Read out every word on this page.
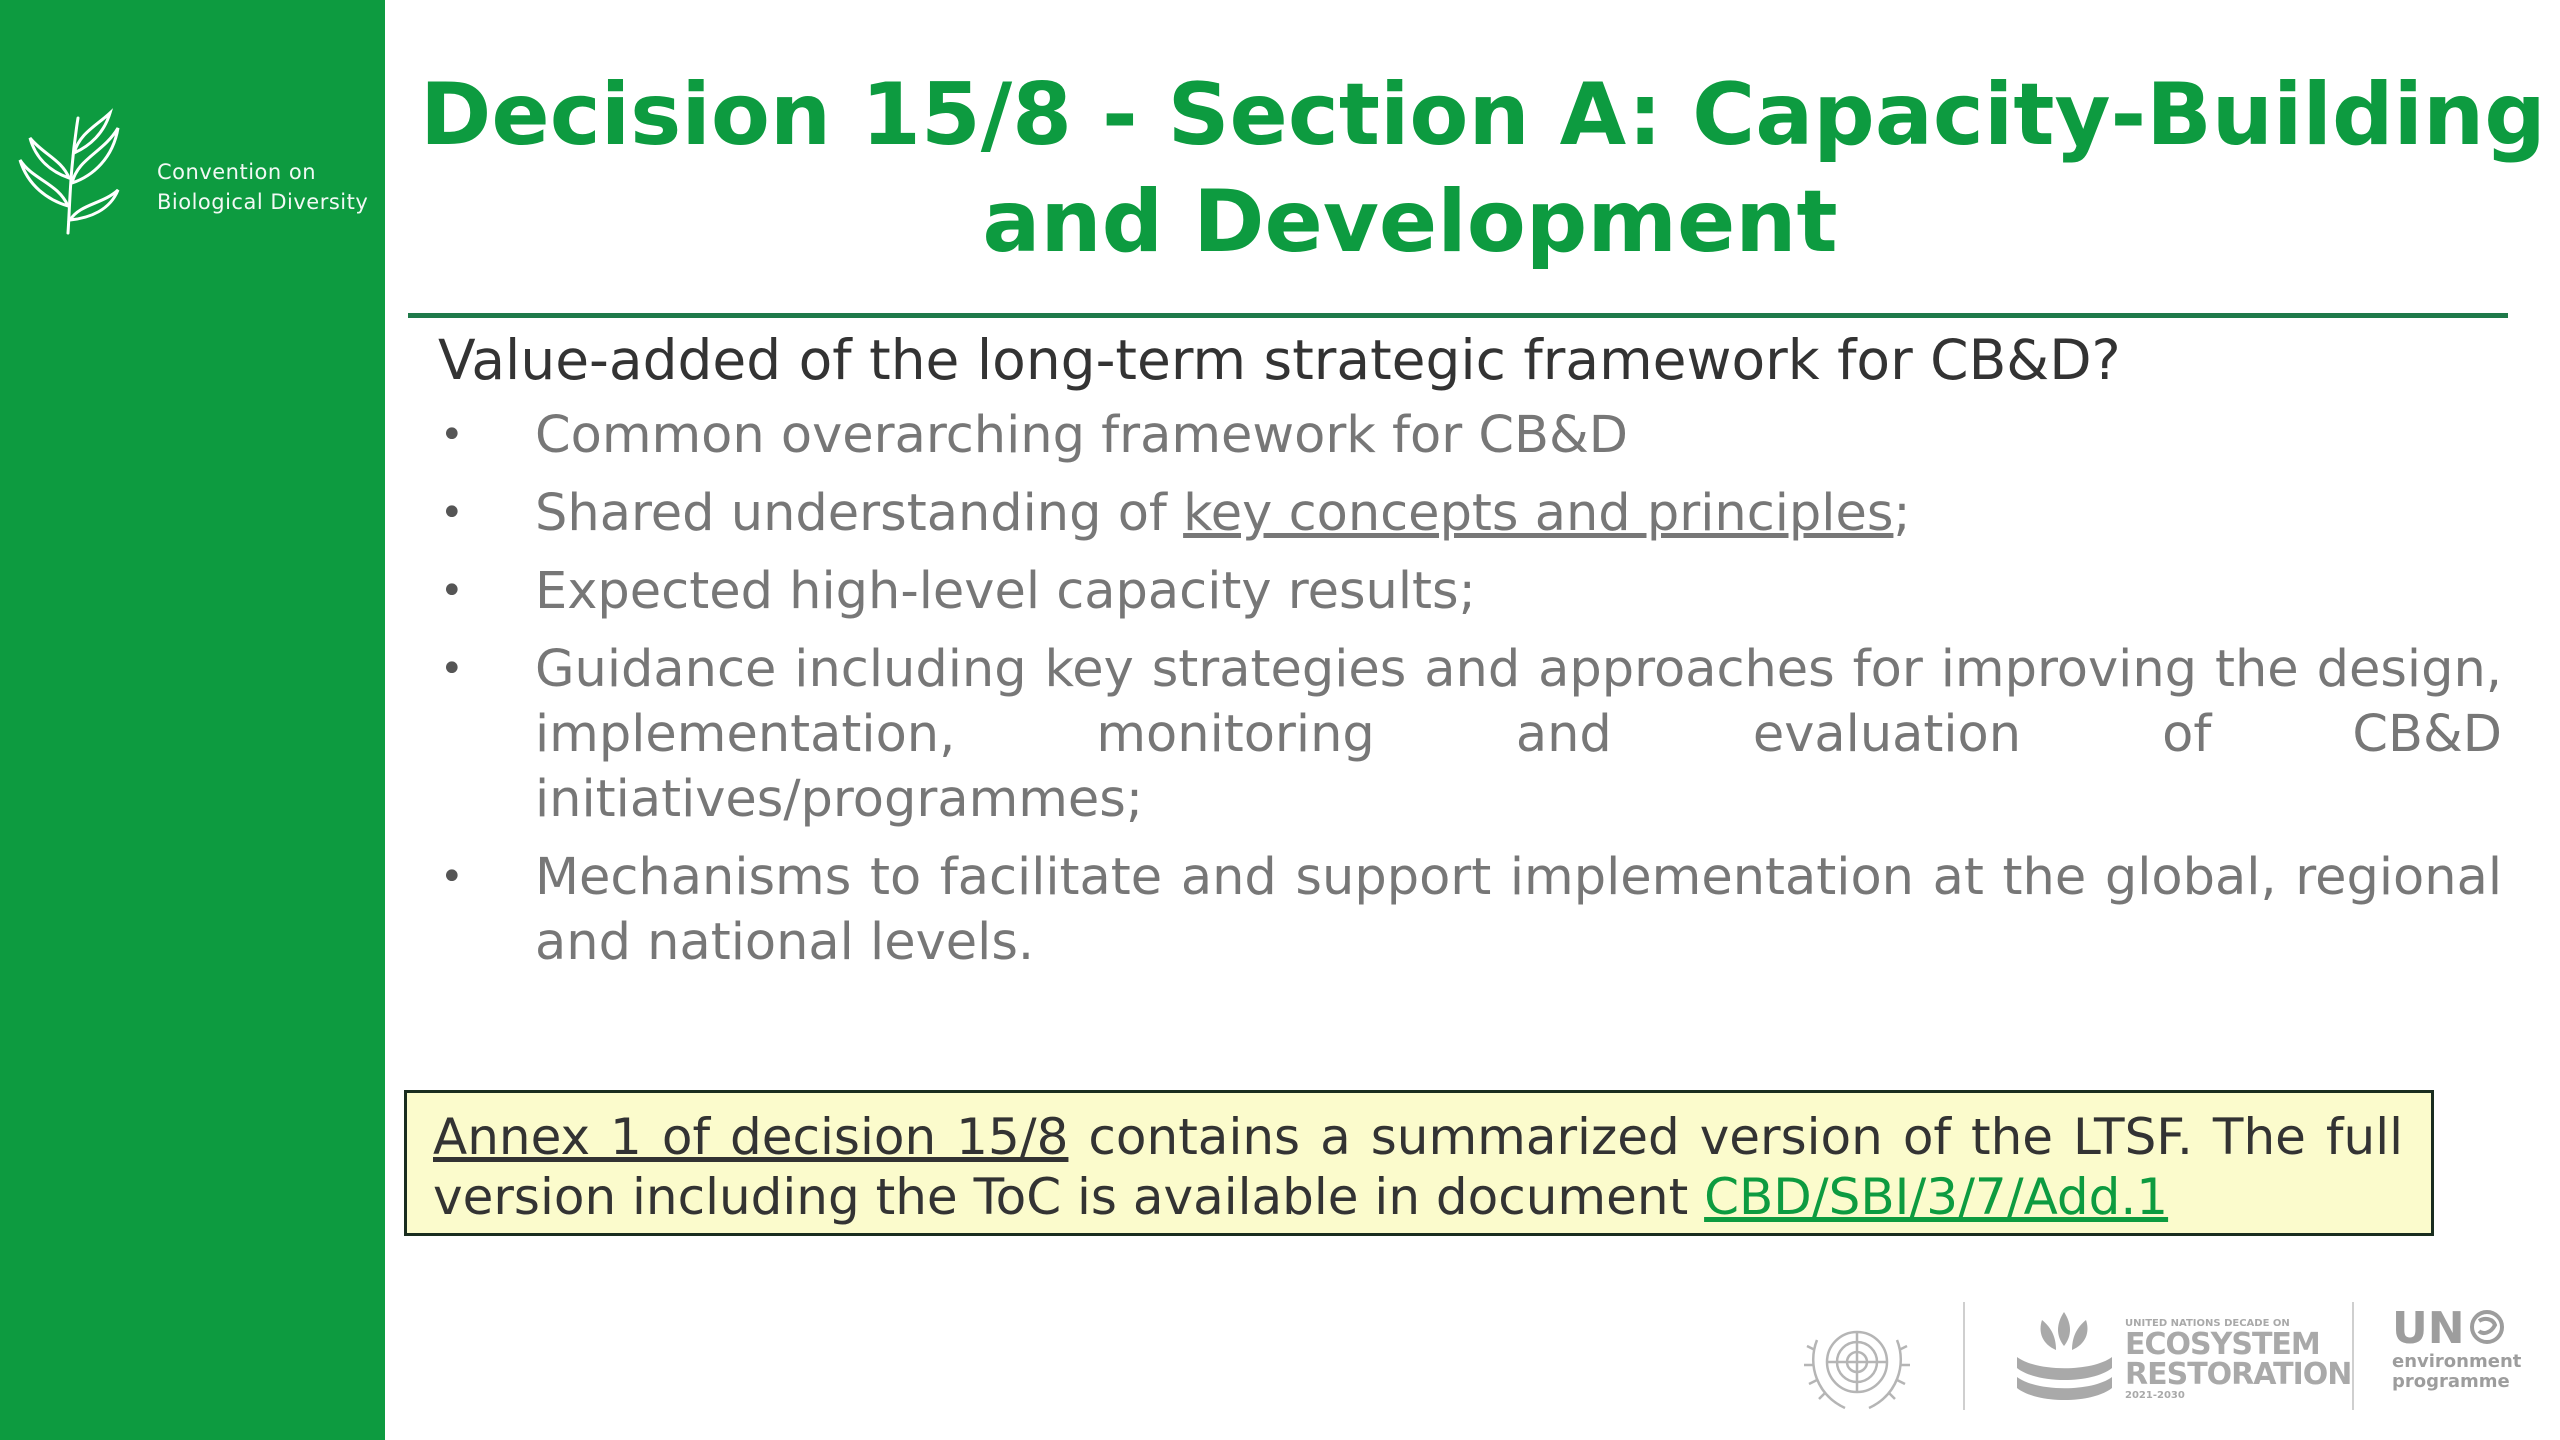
Convention on
Biological Diversity
Decision 15/8 - Section A: Capacity-Building
and Development
Value-added of the long-term strategic framework for CB&D?
• Common overarching framework for CB&D
• Shared understanding of key concepts and principles;
• Expected high-level capacity results;
• Guidance including key strategies and approaches for improving the design, implementation, monitoring and evaluation of CB&D initiatives/programmes;
• Mechanisms to facilitate and support implementation at the global, regional and national levels.
Annex 1 of decision 15/8 contains a summarized version of the LTSF. The full
version including the ToC is available in document CBD/SBI/3/7/Add.1
UNITED NATIONS DECADE ON
ECOSYSTEM
RESTORATION
2021-2030
UN
environment
programme
